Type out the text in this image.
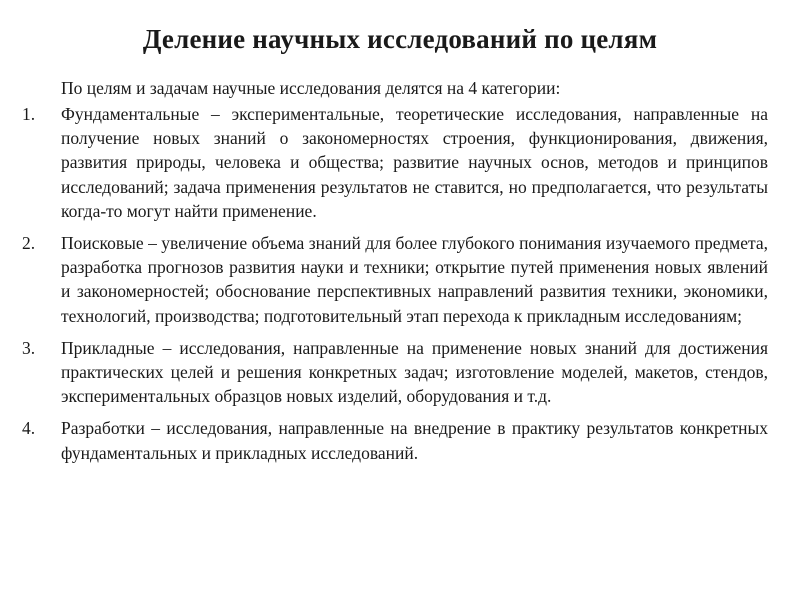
Деление научных исследований по целям
По целям и задачам научные исследования делятся на 4 категории:
1.	Фундаментальные – экспериментальные, теоретические исследования, направленные на получение новых знаний о закономерностях строения, функционирования, движения, развития природы, человека и общества; развитие научных основ, методов и принципов исследований; задача применения результатов не ставится, но предполагается, что результаты когда-то могут найти применение.
2.	Поисковые – увеличение объема знаний для более глубокого понимания изучаемого предмета, разработка прогнозов развития науки и техники; открытие путей применения новых явлений и закономерностей; обоснование перспективных направлений развития техники, экономики, технологий, производства; подготовительный этап перехода к прикладным исследованиям;
3.	Прикладные – исследования, направленные на применение новых знаний для достижения практических целей и решения конкретных задач; изготовление моделей, макетов, стендов, экспериментальных образцов новых изделий, оборудования и т.д.
4.	Разработки – исследования, направленные на внедрение в практику результатов конкретных фундаментальных и прикладных исследований.
